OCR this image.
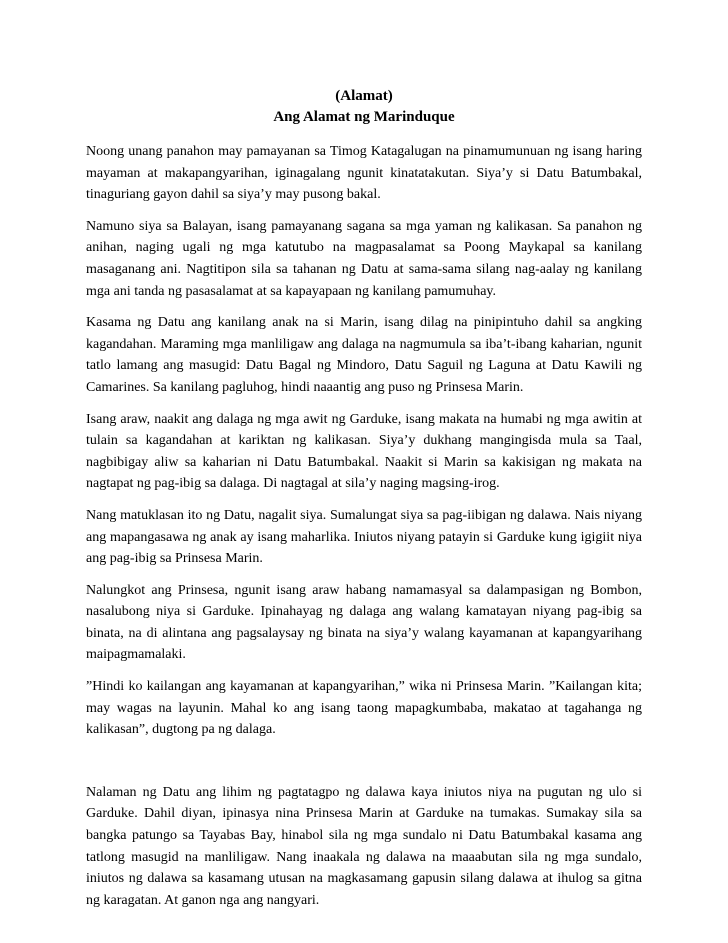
(Alamat)
Ang Alamat ng Marinduque

Noong unang panahon may pamayanan sa Timog Katagalugan na pinamumunuan ng isang haring mayaman at makapangyarihan, iginagalang ngunit kinatatakutan. Siya’y si Datu Batumbakal, tinaguriang gayon dahil sa siya’y may pusong bakal.

Namuno siya sa Balayan, isang pamayanang sagana sa mga yaman ng kalikasan. Sa panahon ng anihan, naging ugali ng mga katutubo na magpasalamat sa Poong Maykapal sa kanilang masaganang ani. Nagtitipon sila sa tahanan ng Datu at sama-sama silang nag-aalay ng kanilang mga ani tanda ng pasasalamat at sa kapayapaan ng kanilang pamumuhay.

Kasama ng Datu ang kanilang anak na si Marin, isang dilag na pinipintuho dahil sa angking kagandahan. Maraming mga manliligaw ang dalaga na nagmumula sa iba’t-ibang kaharian, ngunit tatlo lamang ang masugid: Datu Bagal ng Mindoro, Datu Saguil ng Laguna at Datu Kawili ng Camarines. Sa kanilang pagluhog, hindi naaantig ang puso ng Prinsesa Marin.

Isang araw, naakit ang dalaga ng mga awit ng Garduke, isang makata na humabi ng mga awitin at tulain sa kagandahan at kariktan ng kalikasan. Siya’y dukhang mangingisda mula sa Taal, nagbibigay aliw sa kaharian ni Datu Batumbakal. Naakit si Marin sa kakisigan ng makata na nagtapat ng pag-ibig sa dalaga. Di nagtagal at sila’y naging magsing-irog.

Nang matuklasan ito ng Datu, nagalit siya. Sumalungat siya sa pag-iibigan ng dalawa. Nais niyang ang mapangasawa ng anak ay isang maharlika. Iniutos niyang patayin si Garduke kung igigiit niya ang pag-ibig sa Prinsesa Marin.

Nalungkot ang Prinsesa, ngunit isang araw habang namamasyal sa dalampasigan ng Bombon, nasalubong niya si Garduke. Ipinahayag ng dalaga ang walang kamatayan niyang pag-ibig sa binata, na di alintana ang pagsalaysay ng binata na siya’y walang kayamanan at kapangyarihang maipagmamalaki.

”Hindi ko kailangan ang kayamanan at kapangyarihan,” wika ni Prinsesa Marin. ”Kailangan kita; may wagas na layunin. Mahal ko ang isang taong mapagkumbaba, makatao at tagahanga ng kalikasan”, dugtong pa ng dalaga.

Nalaman ng Datu ang lihim ng pagtatagpo ng dalawa kaya iniutos niya na pugutan ng ulo si Garduke. Dahil diyan, ipinasya nina Prinsesa Marin at Garduke na tumakas. Sumakay sila sa bangka patungo sa Tayabas Bay, hinabol sila ng mga sundalo ni Datu Batumbakal kasama ang tatlong masugid na manliligaw. Nang inaakala ng dalawa na maaabutan sila ng mga sundalo, iniutos ng dalawa sa kasamang utusan na magkasamang gapusin silang dalawa at ihulog sa gitna ng karagatan. At ganon nga ang nangyari.
